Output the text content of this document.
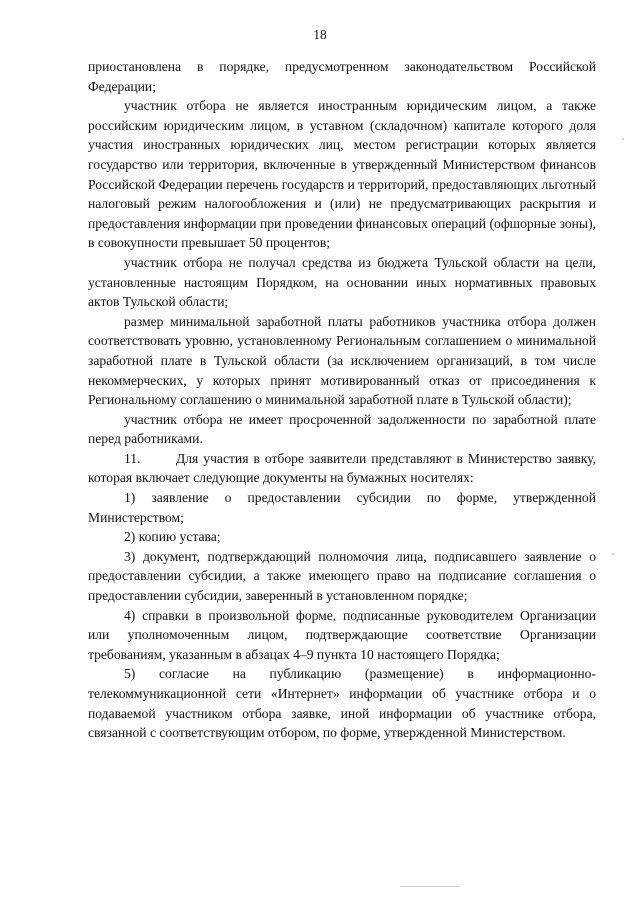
18

приостановлена в порядке, предусмотренном законодательством Российской Федерации;

участник отбора не является иностранным юридическим лицом, а также российским юридическим лицом, в уставном (складочном) капитале которого доля участия иностранных юридических лиц, местом регистрации которых является государство или территория, включенные в утвержденный Министерством финансов Российской Федерации перечень государств и территорий, предоставляющих льготный налоговый режим налогообложения и (или) не предусматривающих раскрытия и предоставления информации при проведении финансовых операций (офшорные зоны), в совокупности превышает 50 процентов;

участник отбора не получал средства из бюджета Тульской области на цели, установленные настоящим Порядком, на основании иных нормативных правовых актов Тульской области;

размер минимальной заработной платы работников участника отбора должен соответствовать уровню, установленному Региональным соглашением о минимальной заработной плате в Тульской области (за исключением организаций, в том числе некоммерческих, у которых принят мотивированный отказ от присоединения к Региональному соглашению о минимальной заработной плате в Тульской области);

участник отбора не имеет просроченной задолженности по заработной плате перед работниками.

11.	Для участия в отборе заявители представляют в Министерство заявку, которая включает следующие документы на бумажных носителях:

1) заявление о предоставлении субсидии по форме, утвержденной Министерством;

2) копию устава;

3) документ, подтверждающий полномочия лица, подписавшего заявление о предоставлении субсидии, а также имеющего право на подписание соглашения о предоставлении субсидии, заверенный в установленном порядке;

4) справки в произвольной форме, подписанные руководителем Организации или уполномоченным лицом, подтверждающие соответствие Организации требованиям, указанным в абзацах 4–9 пункта 10 настоящего Порядка;

5) согласие на публикацию (размещение) в информационно-телекоммуникационной сети «Интернет» информации об участнике отбора и о подаваемой участником отбора заявке, иной информации об участнике отбора, связанной с соответствующим отбором, по форме, утвержденной Министерством.
